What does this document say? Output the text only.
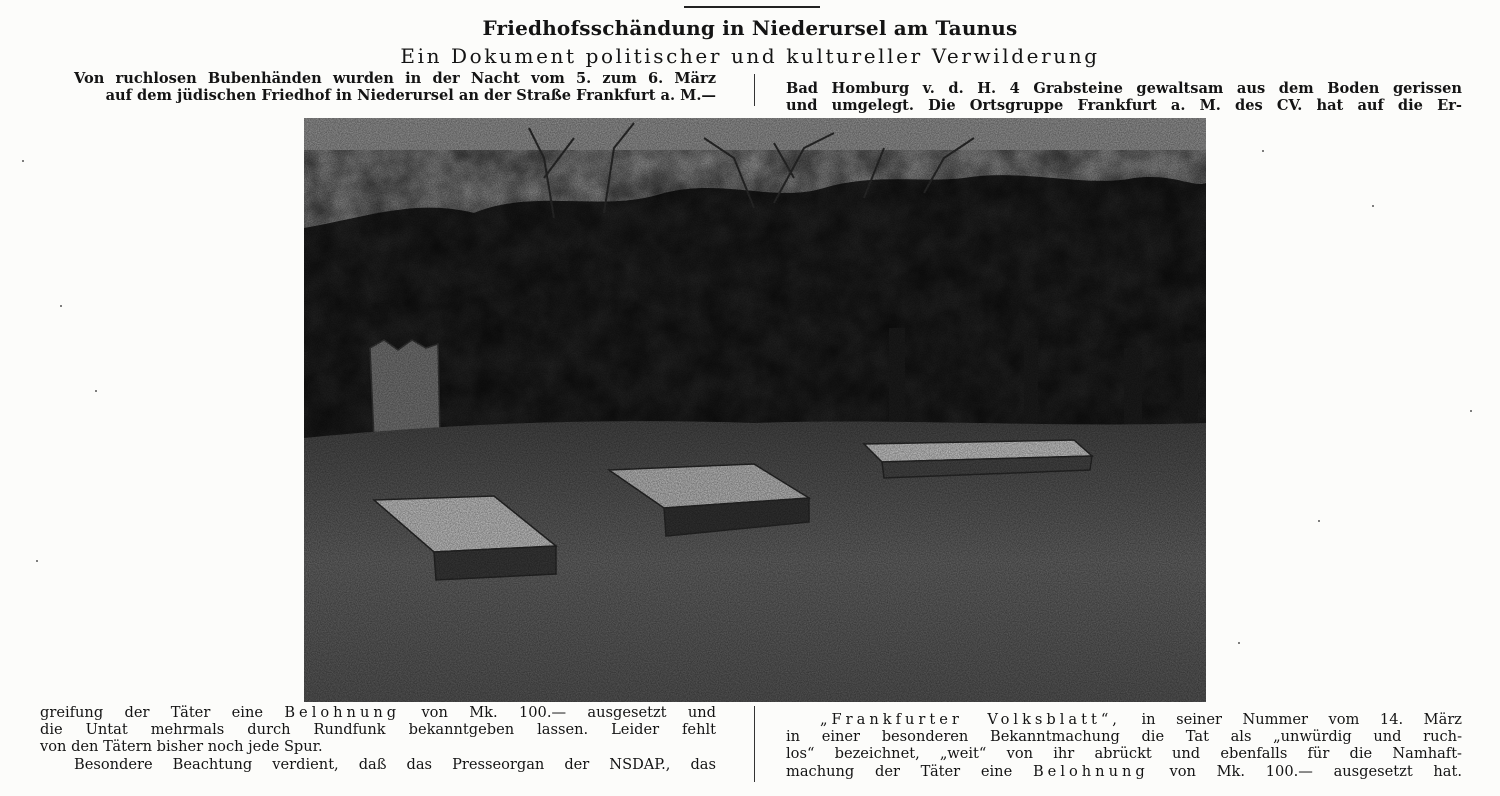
Friedhofsschändung in Niederursel am Taunus
Ein Dokument politischer und kultureller Verwilderung

Von ruchlosen Bubenhänden wurden in der Nacht vom 5. zum 6. März

auf dem jüdischen Friedhof in Niederursel an der Straße Frankfurt a. M.—	Bad Homburg v. d. H. 4 Grabsteine gewaltsam aus dem Boden gerissen

und umgelegt. Die Ortsgruppe Frankfurt a. M. des CV. hat auf die Er-

greifung der Täter eine Belohnung von Mk. 100.— ausgesetzt und

die Untat mehrmals durch Rundfunk bekanntgeben lassen. Leider fehlt

von den Tätern bisher noch jede Spur.

Besondere Beachtung verdient, daß das Presseorgan der NSDAP., das

„Frankfurter Volksblatt“, in seiner Nummer vom 14. März

in einer besonderen Bekanntmachung die Tat als „unwürdig und ruch-

los“ bezeichnet, „weit“ von ihr abrückt und ebenfalls für die Namhaft-

machung der Täter eine Belohnung von Mk. 100.— ausgesetzt hat.
